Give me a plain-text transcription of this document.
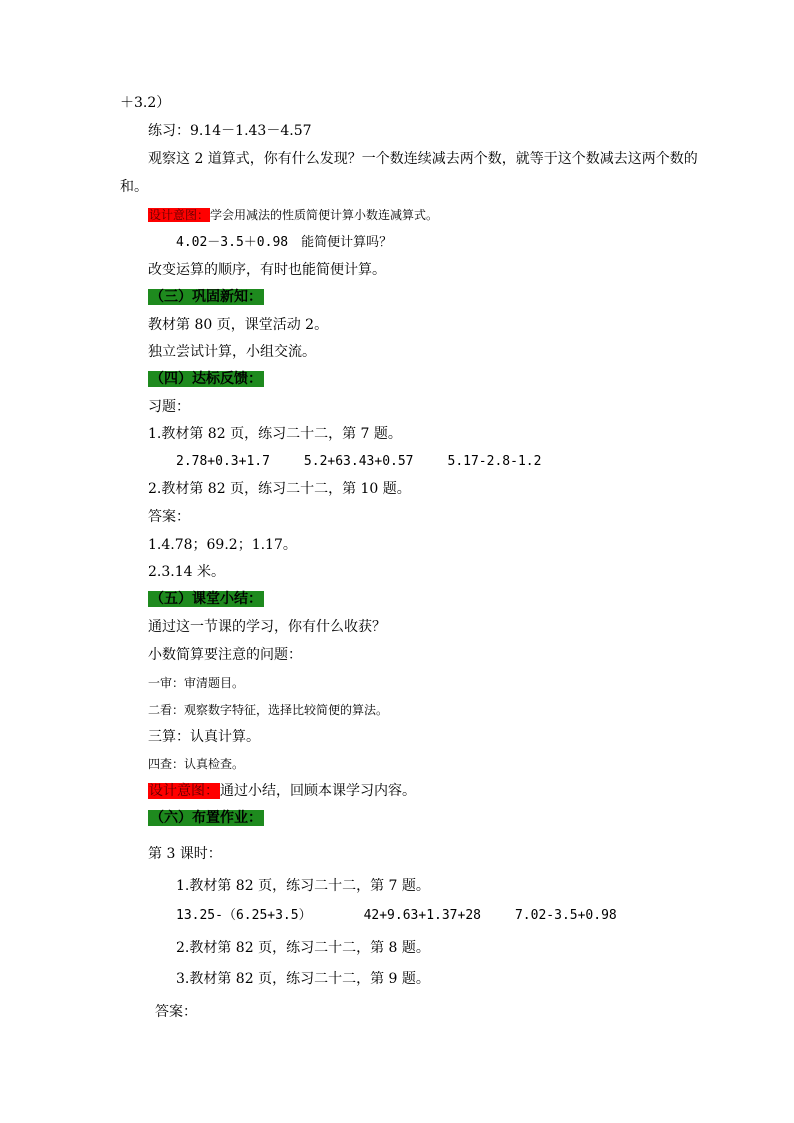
＋3.2）
练习：9.14－1.43－4.57
观察这 2 道算式，你有什么发现？一个数连续减去两个数，就等于这个数减去这两个数的
和。
设计意图：学会用减法的性质简便计算小数连减算式。
4.02－3.5＋0.98　能简便计算吗？
改变运算的顺序，有时也能简便计算。
（三）巩固新知：
教材第 80 页，课堂活动 2。
独立尝试计算，小组交流。
（四）达标反馈：
习题：
1.教材第 82 页，练习二十二，第 7 题。
2.78+0.3+1.7	5.2+63.43+0.57	5.17-2.8-1.2
2.教材第 82 页，练习二十二，第 10 题。
答案：
1.4.78；69.2；1.17。
2.3.14 米。
（五）课堂小结：
通过这一节课的学习，你有什么收获？
小数简算要注意的问题：
一审：审清题目。
二看：观察数字特征，选择比较简便的算法。
三算：认真计算。
四查：认真检查。
设计意图：通过小结，回顾本课学习内容。
（六）布置作业：
第 3 课时：
1.教材第 82 页，练习二十二，第 7 题。
13.25-（6.25+3.5）	42+9.63+1.37+28	7.02-3.5+0.98
2.教材第 82 页，练习二十二，第 8 题。
3.教材第 82 页，练习二十二，第 9 题。
答案：
